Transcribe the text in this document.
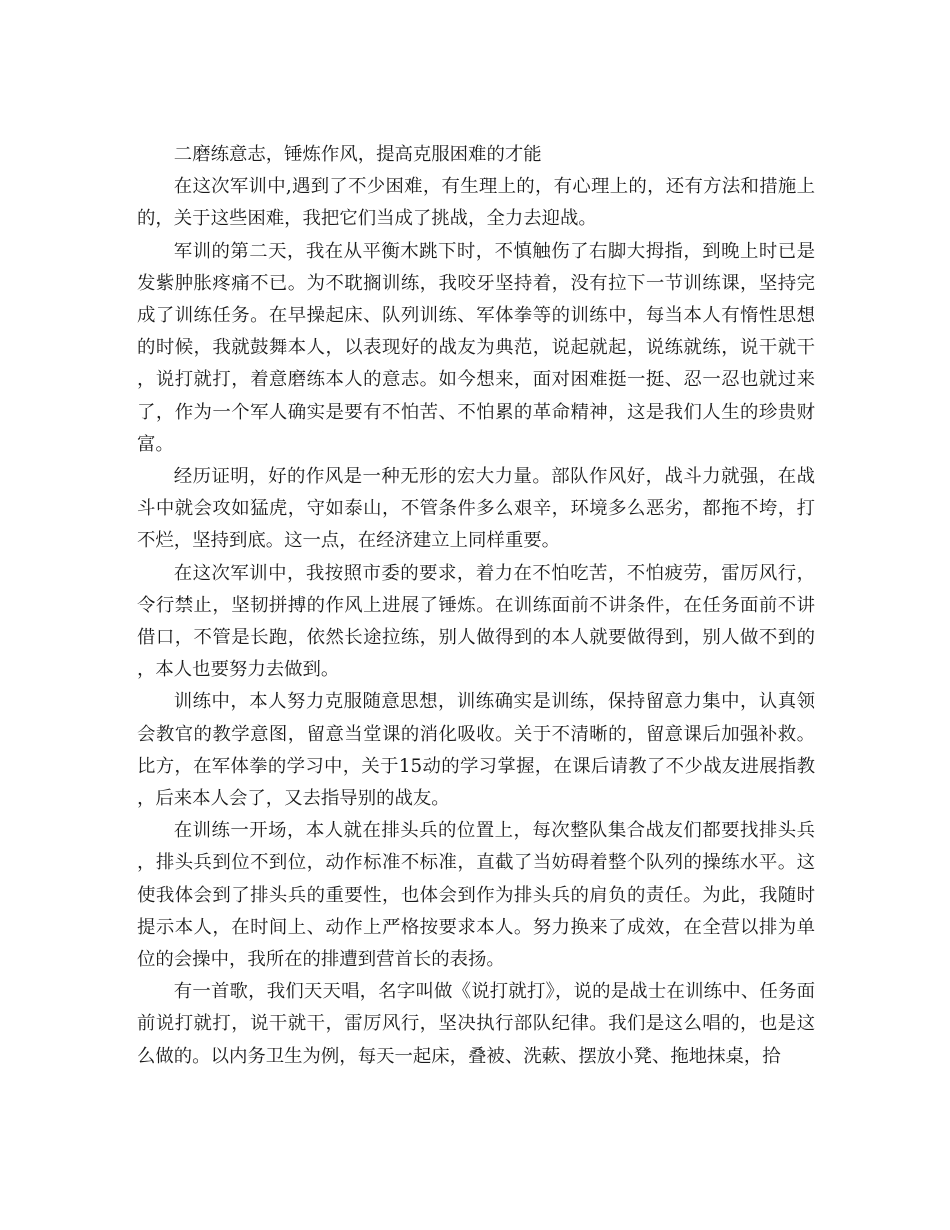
二磨练意志，锤炼作风，提高克服困难的才能

在这次军训中,遇到了不少困难，有生理上的，有心理上的，还有方法和措施上的，关于这些困难，我把它们当成了挑战，全力去迎战。

军训的第二天，我在从平衡木跳下时，不慎触伤了右脚大拇指，到晚上时已是发紫肿胀疼痛不已。为不耽搁训练，我咬牙坚持着，没有拉下一节训练课，坚持完成了训练任务。在早操起床、队列训练、军体拳等的训练中，每当本人有惰性思想的时候，我就鼓舞本人，以表现好的战友为典范，说起就起，说练就练，说干就干，说打就打，着意磨练本人的意志。如今想来，面对困难挺一挺、忍一忍也就过来了，作为一个军人确实是要有不怕苦、不怕累的革命精神，这是我们人生的珍贵财富。

经历证明，好的作风是一种无形的宏大力量。部队作风好，战斗力就强，在战斗中就会攻如猛虎，守如泰山，不管条件多么艰辛，环境多么恶劣，都拖不垮，打不烂，坚持到底。这一点，在经济建立上同样重要。

在这次军训中，我按照市委的要求，着力在不怕吃苦，不怕疲劳，雷厉风行，令行禁止，坚韧拼搏的作风上进展了锤炼。在训练面前不讲条件，在任务面前不讲借口，不管是长跑，依然长途拉练，别人做得到的本人就要做得到，别人做不到的，本人也要努力去做到。

训练中，本人努力克服随意思想，训练确实是训练，保持留意力集中，认真领会教官的教学意图，留意当堂课的消化吸收。关于不清晰的，留意课后加强补救。比方，在军体拳的学习中，关于15动的学习掌握，在课后请教了不少战友进展指教，后来本人会了，又去指导别的战友。

在训练一开场，本人就在排头兵的位置上，每次整队集合战友们都要找排头兵，排头兵到位不到位，动作标准不标准，直截了当妨碍着整个队列的操练水平。这使我体会到了排头兵的重要性，也体会到作为排头兵的肩负的责任。为此，我随时提示本人，在时间上、动作上严格按要求本人。努力换来了成效，在全营以排为单位的会操中，我所在的排遭到营首长的表扬。

有一首歌，我们天天唱，名字叫做《说打就打》，说的是战士在训练中、任务面前说打就打，说干就干，雷厉风行，坚决执行部队纪律。我们是这么唱的，也是这么做的。以内务卫生为例，每天一起床，叠被、洗蔌、摆放小凳、拖地抹桌，拾
